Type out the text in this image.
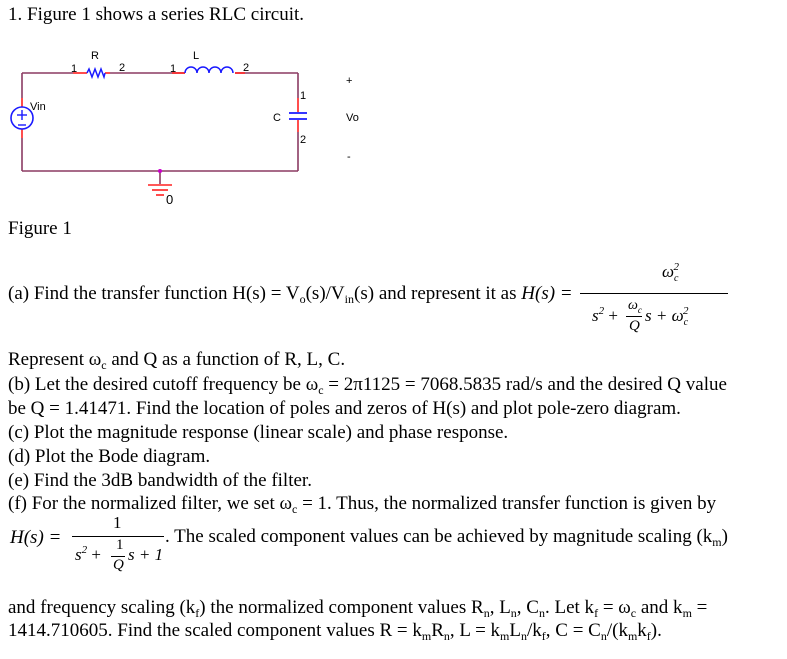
1. Figure 1 shows a series RLC circuit.
R	L
1	2	1	2
1
2
C
Vin
0
+
Vo
-
Figure 1
(a) Find the transfer function $H(s) = V_o(s)/V_{in}(s)$ and represent it as H(s) =
$\omega_c^2$
$s^2$ +
$\omega_c$
Q
$s + \omega_c^2$
Represent $\omega_c$ and Q as a function of R, L, C.
(b) Let the desired cutoff frequency be $\omega_c = 2\pi 1125 = 7068.5835$ rad/s and the desired Q value
be Q = 1.41471. Find the location of poles and zeros of H(s) and plot pole-zero diagram.
(c) Plot the magnitude response (linear scale) and phase response.
(d) Plot the Bode diagram.
(e) Find the 3dB bandwidth of the filter.
(f) For the normalized filter, we set $\omega_c = 1$. Thus, the normalized transfer function is given by
H(s) =
1
$s^2 + 1$
Q
s + 1
. The scaled component values can be achieved by magnitude scaling $(k_m)$
and frequency scaling $(k_f)$ the normalized component values $R_n$, $L_n$, $C_n$. Let $k_f = \omega_c$ and $k_m$ =
1414.710605. Find the scaled component values $R = k_mR_n$, $L = k_mL_n/k_f$, $C = C_n/(k_mk_f)$.
